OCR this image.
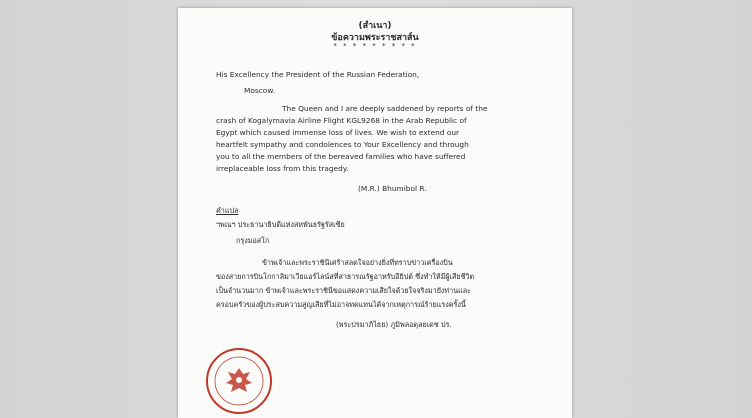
(สำเนา)
ข้อความพระราชสาส์น
* * * * * * * * *
His Excellency the President of the Russian Federation,
Moscow.
The Queen and I are deeply saddened by reports of the
crash of Kogalymavia Airline Flight KGL9268 in the Arab Republic of
Egypt which caused immense loss of lives. We wish to extend our
heartfelt sympathy and condolences to Your Excellency and through
you to all the members of the bereaved families who have suffered
irreplaceable loss from this tragedy.
(M.R.) Bhumibol R.
คำแปล
ฯพณฯ ประธานาธิบดีแห่งสหพันธรัฐรัสเซีย
กรุงมอสโก
ข้าพเจ้าและพระราชินีเศร้าสลดใจอย่างยิ่งที่ทราบข่าวเครื่องบิน
ของสายการบินโกกาลิมาเวียแอร์ไลน์สที่สาธารณรัฐอาหรับอียิปต์ ซึ่งทำให้มีผู้เสียชีวิต
เป็นจำนวนมาก ข้าพเจ้าและพระราชินีขอแสดงความเสียใจด้วยใจจริงมายังท่านและ
ครอบครัวของผู้ประสบความสูญเสียที่ไม่อาจทดแทนได้จากเหตุการณ์ร้ายแรงครั้งนี้
(พระปรมาภิไธย) ภูมิพลอดุลยเดช ปร.
